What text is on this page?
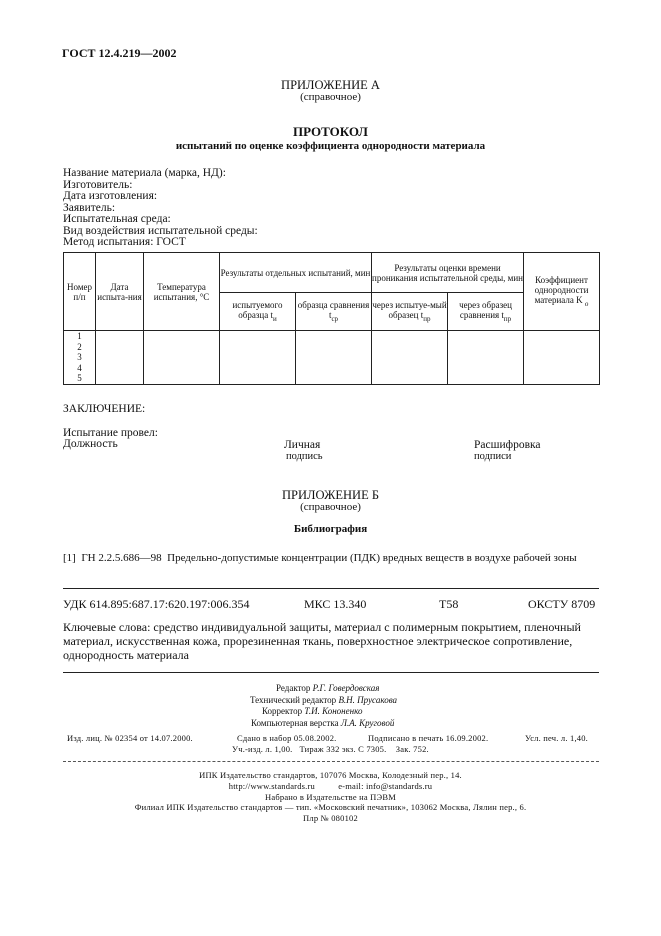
ГОСТ 12.4.219—2002
ПРИЛОЖЕНИЕ А
(справочное)
ПРОТОКОЛ
испытаний по оценке коэффициента однородности материала
Название материала (марка, НД):
Изготовитель:
Дата изготовления:
Заявитель:
Испытательная среда:
Вид воздействия испытательной среды:
Метод испытания: ГОСТ
Номер п/п	Дата испыта-ния	Температура испытания, °С	Результаты отдельных испытаний, мин		Результаты оценки времени проникания испытательной среды, мин		Коэффициент однородности материала K $_о$
			испытуемого образца $t_и$	образца сравнения $t_{ср}$	через испытуе-мый образец $t_{пр}$	через образец сравнения $t_{пр}$

1
2
3
4
5							

ЗАКЛЮЧЕНИЕ:
Испытание провел:
Должность	Личная
подпись
Расшифровка
подписи
ПРИЛОЖЕНИЕ Б
(справочное)
Библиография
[1]  ГН 2.2.5.686—98  Предельно-допустимые концентрации (ПДК) вредных веществ в воздухе рабочей зоны
УДК 614.895:687.17:620.197:006.354	МКС 13.340	Т58	ОКСТУ 8709
Ключевые слова: средство индивидуальной защиты, материал с полимерным покрытием, пленочный
материал, искусственная кожа, прорезиненная ткань, поверхностное электрическое сопротивление,
однородность материала
Редактор Р.Г. Говердовская
Технический редактор В.Н. Прусакова
Корректор Т.И. Кононенко
Компьютерная верстка Л.А. Круговой
Изд. лиц. № 02354 от 14.07.2000.	Сдано в набор 05.08.2002.	Подписано в печать 16.09.2002.	Усл. печ. л. 1,40.
Уч.-изд. л. 1,00.   Тираж 332 экз. С 7305.    Зак. 752.
ИПК Издательство стандартов, 107076 Москва, Колодезный пер., 14.
http://www.standards.ru          e-mail: info@standards.ru
Набрано в Издательстве на ПЭВМ
Филиал ИПК Издательство стандартов — тип. «Московский печатник», 103062 Москва, Лялин пер., 6.
Плр № 080102
